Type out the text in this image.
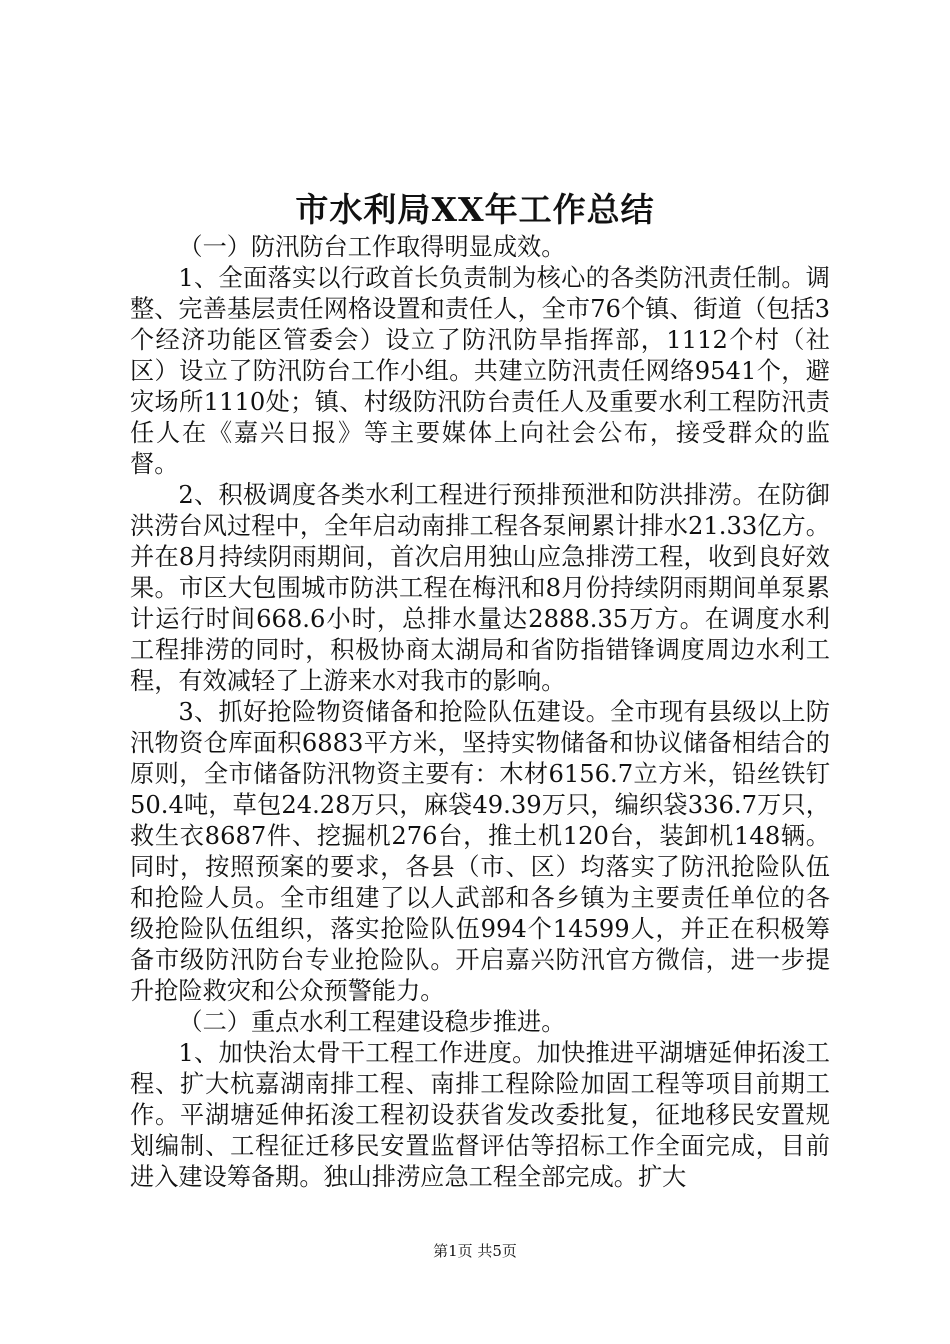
市水利局XX年工作总结

（一）防汛防台工作取得明显成效。

1、全面落实以行政首长负责制为核心的各类防汛责任制。调整、完善基层责任网格设置和责任人，全市76个镇、街道（包括3个经济功能区管委会）设立了防汛防旱指挥部，1112个村（社区）设立了防汛防台工作小组。共建立防汛责任网络9541个，避灾场所1110处；镇、村级防汛防台责任人及重要水利工程防汛责任人在《嘉兴日报》等主要媒体上向社会公布，接受群众的监督。

2、积极调度各类水利工程进行预排预泄和防洪排涝。在防御洪涝台风过程中，全年启动南排工程各泵闸累计排水21.33亿方。并在8月持续阴雨期间，首次启用独山应急排涝工程，收到良好效果。市区大包围城市防洪工程在梅汛和8月份持续阴雨期间单泵累计运行时间668.6小时，总排水量达2888.35万方。在调度水利工程排涝的同时，积极协商太湖局和省防指错锋调度周边水利工程，有效减轻了上游来水对我市的影响。

3、抓好抢险物资储备和抢险队伍建设。全市现有县级以上防汛物资仓库面积6883平方米，坚持实物储备和协议储备相结合的原则，全市储备防汛物资主要有：木材6156.7立方米，铅丝铁钉50.4吨，草包24.28万只，麻袋49.39万只，编织袋336.7万只，救生衣8687件、挖掘机276台，推土机120台，装卸机148辆。同时，按照预案的要求，各县（市、区）均落实了防汛抢险队伍和抢险人员。全市组建了以人武部和各乡镇为主要责任单位的各级抢险队伍组织，落实抢险队伍994个14599人，并正在积极筹备市级防汛防台专业抢险队。开启嘉兴防汛官方微信，进一步提升抢险救灾和公众预警能力。

（二）重点水利工程建设稳步推进。

1、加快治太骨干工程工作进度。加快推进平湖塘延伸拓浚工程、扩大杭嘉湖南排工程、南排工程除险加固工程等项目前期工作。平湖塘延伸拓浚工程初设获省发改委批复，征地移民安置规划编制、工程征迁移民安置监督评估等招标工作全面完成，目前进入建设筹备期。独山排涝应急工程全部完成。扩大

第1页 共5页
